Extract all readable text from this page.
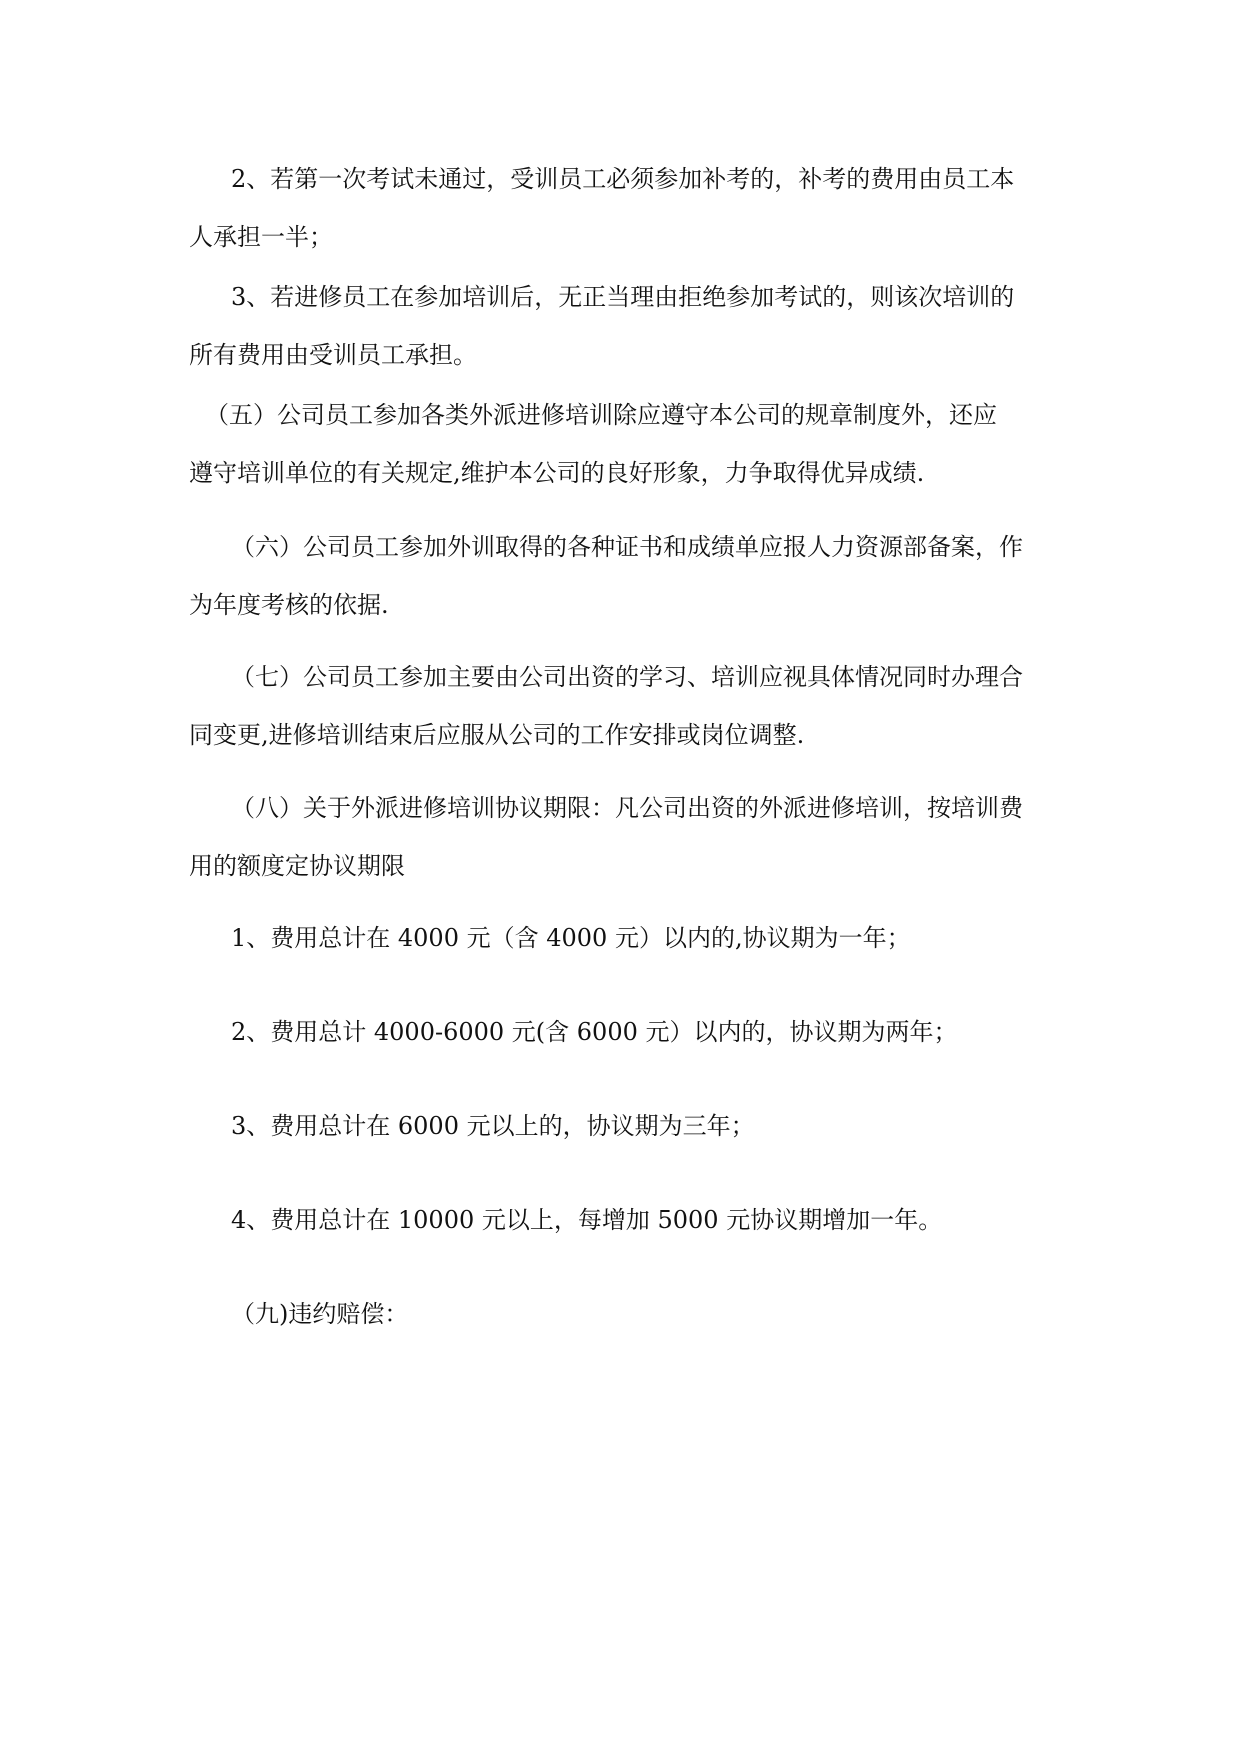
2、若第一次考试未通过，受训员工必须参加补考的，补考的费用由员工本
人承担一半；

3、若进修员工在参加培训后，无正当理由拒绝参加考试的，则该次培训的
所有费用由受训员工承担。

（五）公司员工参加各类外派进修培训除应遵守本公司的规章制度外，还应
遵守培训单位的有关规定,维护本公司的良好形象，力争取得优异成绩.

（六）公司员工参加外训取得的各种证书和成绩单应报人力资源部备案，作
为年度考核的依据.

（七）公司员工参加主要由公司出资的学习、培训应视具体情况同时办理合
同变更,进修培训结束后应服从公司的工作安排或岗位调整.

（八）关于外派进修培训协议期限：凡公司出资的外派进修培训，按培训费
用的额度定协议期限

1、费用总计在 4000 元（含 4000 元）以内的,协议期为一年；

2、费用总计 4000-6000 元(含 6000 元）以内的，协议期为两年；

3、费用总计在 6000 元以上的，协议期为三年；

4、费用总计在 10000 元以上，每增加 5000 元协议期增加一年。

（九)违约赔偿：
